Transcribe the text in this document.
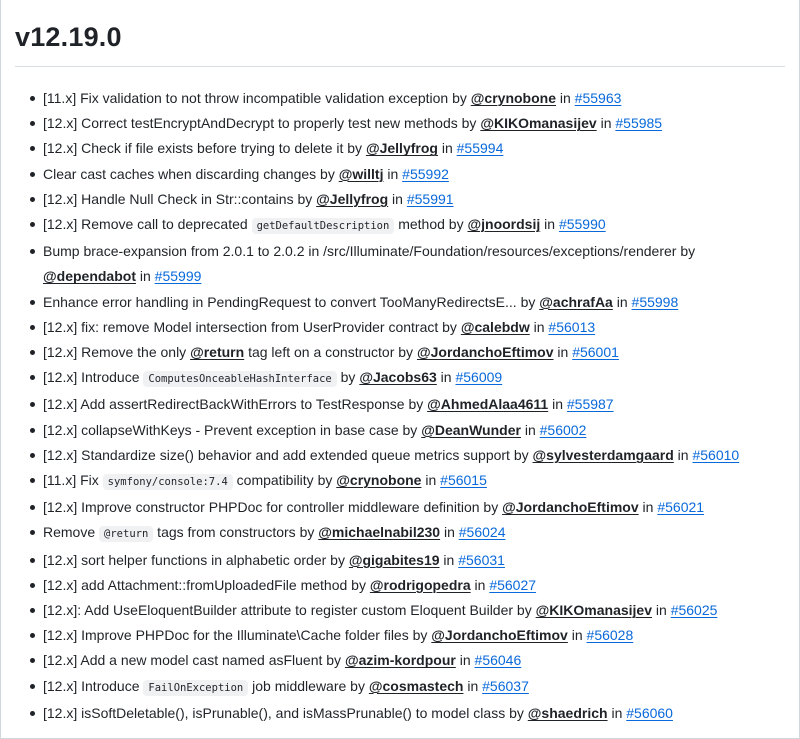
v12.19.0
[11.x] Fix validation to not throw incompatible validation exception by @crynobone in #55963
[12.x] Correct testEncryptAndDecrypt to properly test new methods by @KIKOmanasijev in #55985
[12.x] Check if file exists before trying to delete it by @Jellyfrog in #55994
Clear cast caches when discarding changes by @willtj in #55992
[12.x] Handle Null Check in Str::contains by @Jellyfrog in #55991
[12.x] Remove call to deprecated getDefaultDescription method by @jnoordsij in #55990
Bump brace-expansion from 2.0.1 to 2.0.2 in /src/Illuminate/Foundation/resources/exceptions/renderer by @dependabot in #55999
Enhance error handling in PendingRequest to convert TooManyRedirectsE... by @achrafAa in #55998
[12.x] fix: remove Model intersection from UserProvider contract by @calebdw in #56013
[12.x] Remove the only @return tag left on a constructor by @JordanchoEftimov in #56001
[12.x] Introduce ComputesOnceableHashInterface by @Jacobs63 in #56009
[12.x] Add assertRedirectBackWithErrors to TestResponse by @AhmedAlaa4611 in #55987
[12.x] collapseWithKeys - Prevent exception in base case by @DeanWunder in #56002
[12.x] Standardize size() behavior and add extended queue metrics support by @sylvesterdamgaard in #56010
[11.x] Fix symfony/console:7.4 compatibility by @crynobone in #56015
[12.x] Improve constructor PHPDoc for controller middleware definition by @JordanchoEftimov in #56021
Remove @return tags from constructors by @michaelnabil230 in #56024
[12.x] sort helper functions in alphabetic order by @gigabites19 in #56031
[12.x] add Attachment::fromUploadedFile method by @rodrigopedra in #56027
[12.x]: Add UseEloquentBuilder attribute to register custom Eloquent Builder by @KIKOmanasijev in #56025
[12.x] Improve PHPDoc for the Illuminate\Cache folder files by @JordanchoEftimov in #56028
[12.x] Add a new model cast named asFluent by @azim-kordpour in #56046
[12.x] Introduce FailOnException job middleware by @cosmastech in #56037
[12.x] isSoftDeletable(), isPrunable(), and isMassPrunable() to model class by @shaedrich in #56060
